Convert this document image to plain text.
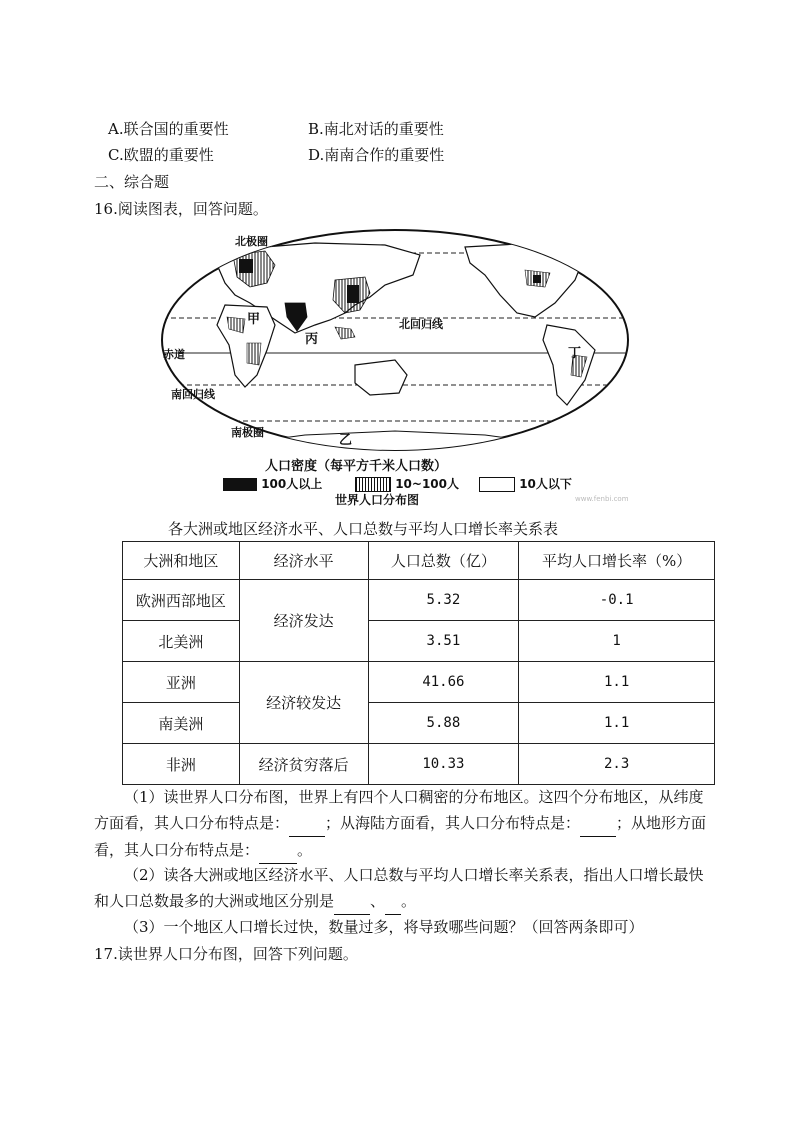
A.联合国的重要性	B.南北对话的重要性
C.欧盟的重要性	D.南南合作的重要性
二、综合题
16.阅读图表，回答问题。
北极圈
北回归线
赤道
南回归线
南极圈
甲
丙
丁
乙
人口密度（每平方千米人口数）
100人以上	10~100人	10人以下
世界人口分布图	www.fenbi.com
各大洲或地区经济水平、人口总数与平均人口增长率关系表
大洲和地区	经济水平	人口总数（亿）	平均人口增长率（%）
欧洲西部地区	经济发达	5.32	-0.1
北美洲		3.51	1
亚洲	经济较发达	41.66	1.1
南美洲		5.88	1.1
非洲	经济贫穷落后	10.33	2.3
（1）读世界人口分布图，世界上有四个人口稠密的分布地区。这四个分布地区，从纬度方面看，其人口分布特点是： ；从海陆方面看，其人口分布特点是： ；从地形方面看，其人口分布特点是：	。
（2）读各大洲或地区经济水平、人口总数与平均人口增长率关系表，指出人口增长最快和人口总数最多的大洲或地区分别是 、 。
（3）一个地区人口增长过快，数量过多，将导致哪些问题？（回答两条即可）
17.读世界人口分布图，回答下列问题。
